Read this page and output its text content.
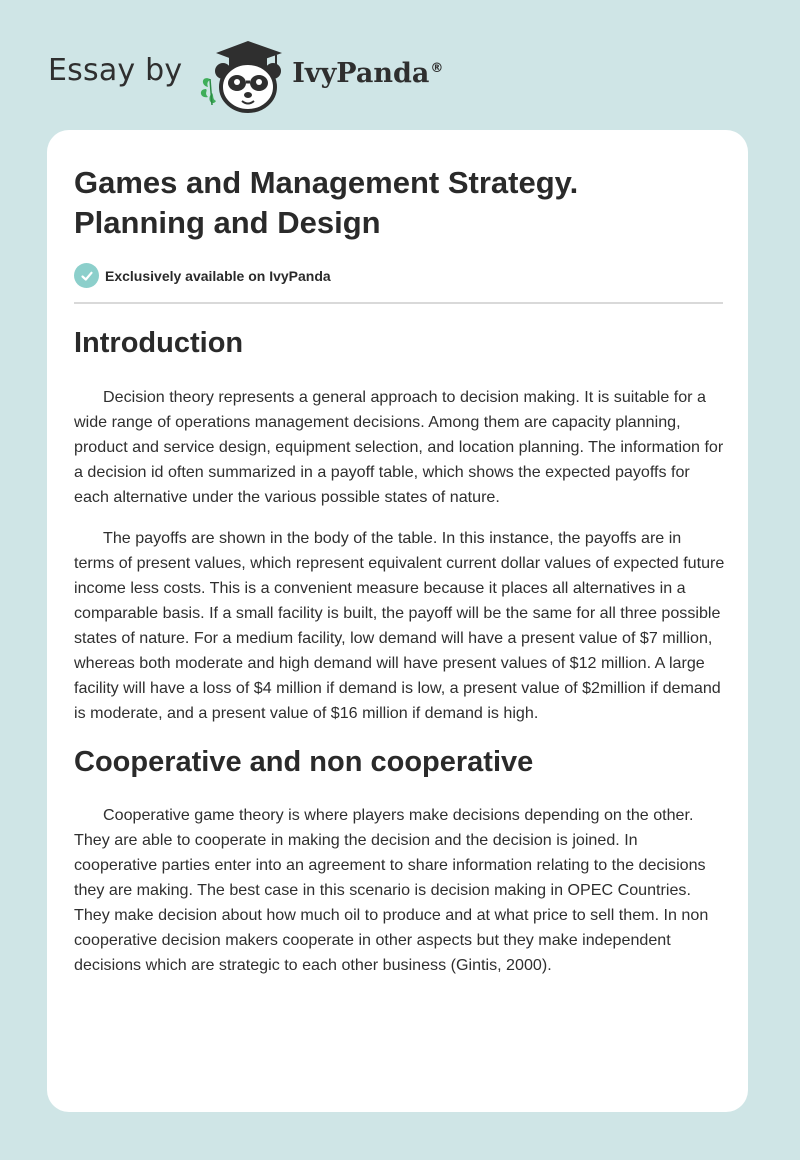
Essay by	IvyPanda®
Games and Management Strategy. Planning and Design
Exclusively available on IvyPanda
Introduction

Decision theory represents a general approach to decision making. It is suitable for a wide range of operations management decisions. Among them are capacity planning, product and service design, equipment selection, and location planning. The information for a decision id often summarized in a payoff table, which shows the expected payoffs for each alternative under the various possible states of nature.

The payoffs are shown in the body of the table. In this instance, the payoffs are in terms of present values, which represent equivalent current dollar values of expected future income less costs. This is a convenient measure because it places all alternatives in a comparable basis. If a small facility is built, the payoff will be the same for all three possible states of nature. For a medium facility, low demand will have a present value of $7 million, whereas both moderate and high demand will have present values of $12 million. A large facility will have a loss of $4 million if demand is low, a present value of $2million if demand is moderate, and a present value of $16 million if demand is high.

Cooperative and non cooperative

Cooperative game theory is where players make decisions depending on the other. They are able to cooperate in making the decision and the decision is joined. In cooperative parties enter into an agreement to share information relating to the decisions they are making. The best case in this scenario is decision making in OPEC Countries. They make decision about how much oil to produce and at what price to sell them. In non cooperative decision makers cooperate in other aspects but they make independent decisions which are strategic to each other business (Gintis, 2000).
